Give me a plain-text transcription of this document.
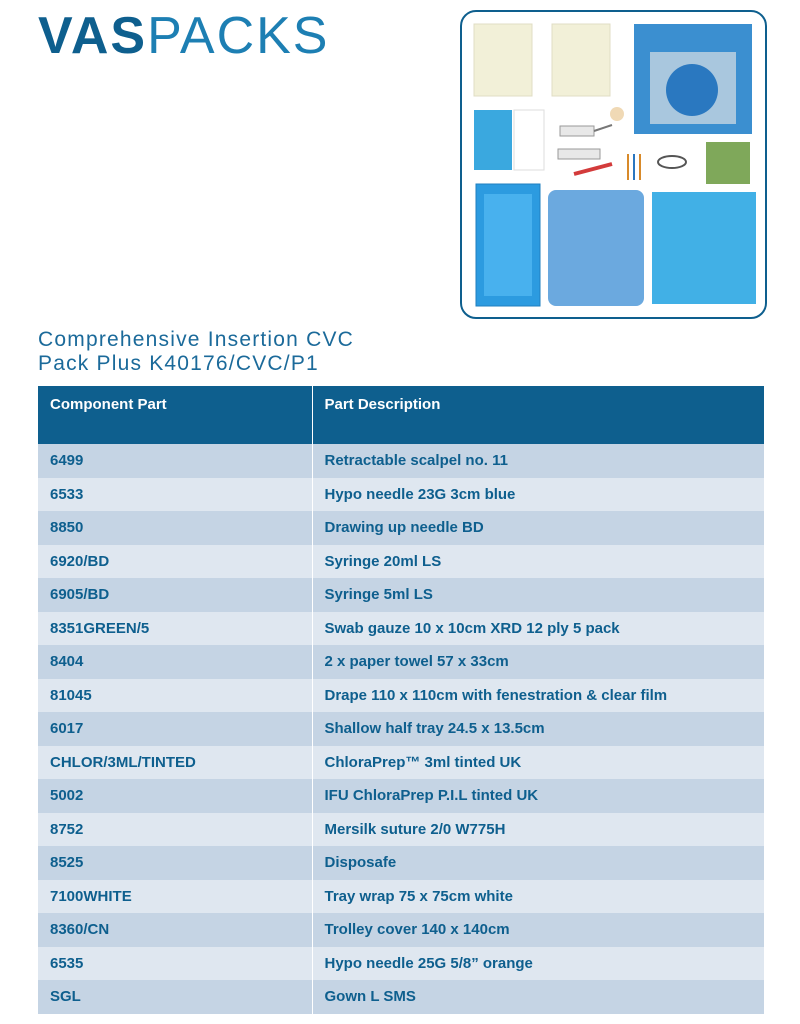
VASPACKS
Comprehensive Insertion CVC
Pack Plus K40176/CVC/P1
Component Part	Part Description
6499	Retractable scalpel no. 11
6533	Hypo needle 23G 3cm blue
8850	Drawing up needle BD
6920/BD	Syringe 20ml LS
6905/BD	Syringe 5ml LS
8351GREEN/5	Swab gauze 10 x 10cm XRD 12 ply 5 pack
8404	2 x paper towel 57 x 33cm
81045	Drape 110 x 110cm with fenestration & clear film
6017	Shallow half tray 24.5 x 13.5cm
CHLOR/3ML/TINTED	ChloraPrep™ 3ml tinted UK
5002	IFU ChloraPrep P.I.L tinted UK
8752	Mersilk suture 2/0 W775H
8525	Disposafe
7100WHITE	Tray wrap 75 x 75cm white
8360/CN	Trolley cover 140 x 140cm
6535	Hypo needle 25G 5/8” orange
SGL	Gown L SMS
